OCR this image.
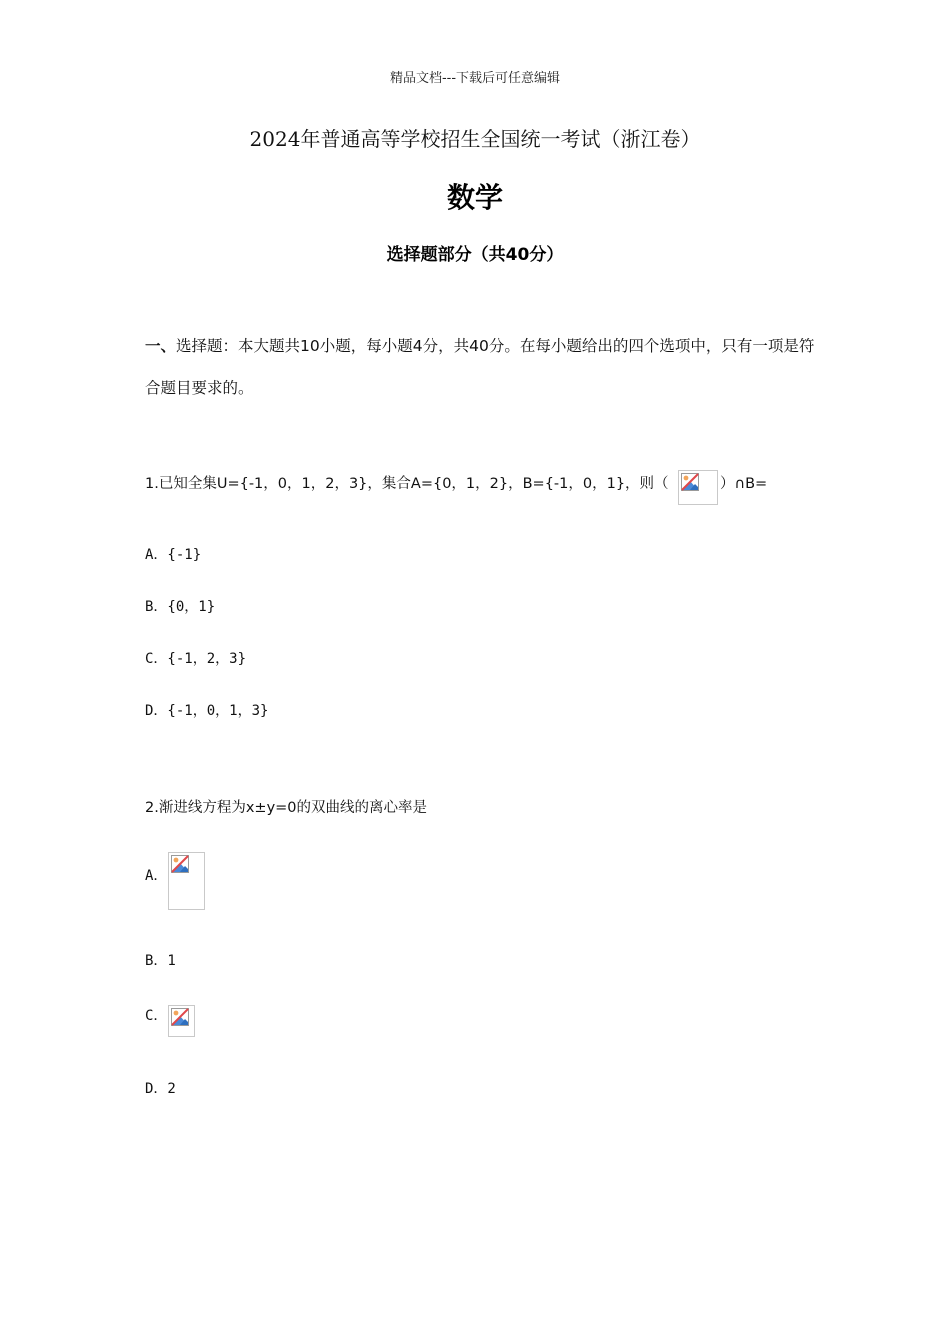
精品文档---下载后可任意编辑
2024年普通高等学校招生全国统一考试（浙江卷）
数学
选择题部分（共40分）
一、选择题：本大题共10小题，每小题4分，共40分。在每小题给出的四个选项中，只有一项是符合题目要求的。
1.已知全集U={-1，0，1，2，3}，集合A={0，1，2}，B={-1，0，1}，则（	）∩B=
A．{-1}
B．{0，1}
C．{-1，2，3}
D．{-1，0，1，3}
2.渐进线方程为x±y=0的双曲线的离心率是
A．
B．1
C．
D．2
